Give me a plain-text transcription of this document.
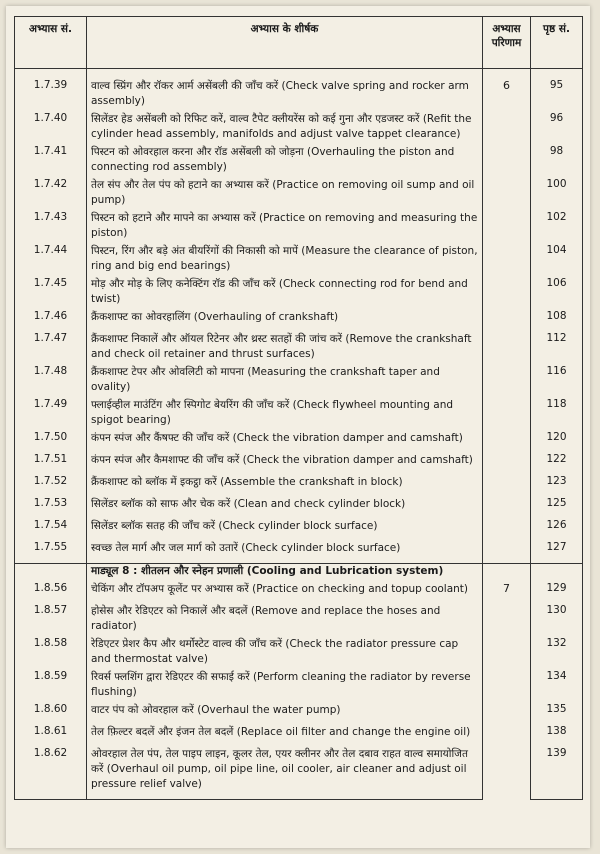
अभ्यास सं.	अभ्यास के शीर्षक	अभ्यास परिणाम	पृष्ठ सं.

1.7.39	वाल्व स्प्रिंग और रॉकर आर्म असेंबली की जाँच करें (Check valve spring and rocker arm assembly)	6	95
1.7.40	सिलेंडर हेड असेंबली को रिफिट करें, वाल्व टैपेट क्लीयरेंस को कई गुना और एडजस्ट करें (Refit the cylinder head assembly, manifolds and adjust valve tappet clearance)		96
1.7.41	पिस्टन को ओवरहाल करना और रॉड असेंबली को जोड़ना (Overhauling the piston and connecting rod assembly)		98
1.7.42	तेल संप और तेल पंप को हटाने का अभ्यास करें (Practice on removing oil sump and oil pump)		100
1.7.43	पिस्टन को हटाने और मापने का अभ्यास करें (Practice on removing and measuring the piston)		102
1.7.44	पिस्टन, रिंग और बड़े अंत बीयरिंगों की निकासी को मापें (Measure the clearance of piston, ring and big end bearings)		104
1.7.45	मोड़ और मोड़ के लिए कनेक्टिंग रॉड की जाँच करें (Check connecting rod for bend and twist)		106
1.7.46	क्रैंकशाफ्ट का ओवरहालिंग (Overhauling of crankshaft)		108
1.7.47	क्रैंकशाफ्ट निकालें और ऑयल रिटेनर और थ्रस्ट सतहों की जांच करें (Remove the crankshaft and check oil retainer and thrust surfaces)		112
1.7.48	क्रैंकशाफ्ट टेपर और ओवलिटी को मापना (Measuring the crankshaft taper and ovality)		116
1.7.49	फ्लाईव्हील माउंटिंग और स्पिगोट बेयरिंग की जाँच करें (Check flywheel mounting and spigot bearing)		118
1.7.50	कंपन स्पंज और कैंषफ्ट की जाँच करें (Check the vibration damper and camshaft)		120
1.7.51	कंपन स्पंज और कैमशाफ्ट की जाँच करें (Check the vibration damper and camshaft)		122
1.7.52	क्रैंकशाफ्ट को ब्लॉक में इकट्ठा करें (Assemble the crankshaft in block)		123
1.7.53	सिलेंडर ब्लॉक को साफ और चेक करें (Clean and check cylinder block)		125
1.7.54	सिलेंडर ब्लॉक सतह की जाँच करें (Check cylinder block surface)		126
1.7.55	स्वच्छ तेल मार्ग और जल मार्ग को उतारें (Check cylinder block surface)		127
	माड्यूल 8 : शीतलन और स्नेहन प्रणाली (Cooling and Lubrication system)		
1.8.56	चेकिंग और टॉपअप कूलेंट पर अभ्यास करें (Practice on checking and topup coolant)	7	129
1.8.57	होसेस और रेडिएटर को निकालें और बदलें (Remove and replace the hoses and radiator)		130
1.8.58	रेडिएटर प्रेशर कैप और थर्मोस्टेट वाल्व की जाँच करें (Check the radiator pressure cap and thermostat valve)		132
1.8.59	रिवर्स फ्लशिंग द्वारा रेडिएटर की सफाई करें (Perform cleaning the radiator by reverse flushing)		134
1.8.60	वाटर पंप को ओवरहाल करें (Overhaul the water pump)		135
1.8.61	तेल फ़िल्टर बदलें और इंजन तेल बदलें (Replace oil filter and change the engine oil)		138
1.8.62	ओवरहाल तेल पंप, तेल पाइप लाइन, कूलर तेल, एयर क्लीनर और तेल दबाव राहत वाल्व समायोजित करें (Overhaul oil pump, oil pipe line, oil cooler, air cleaner and adjust oil pressure relief valve)		139
